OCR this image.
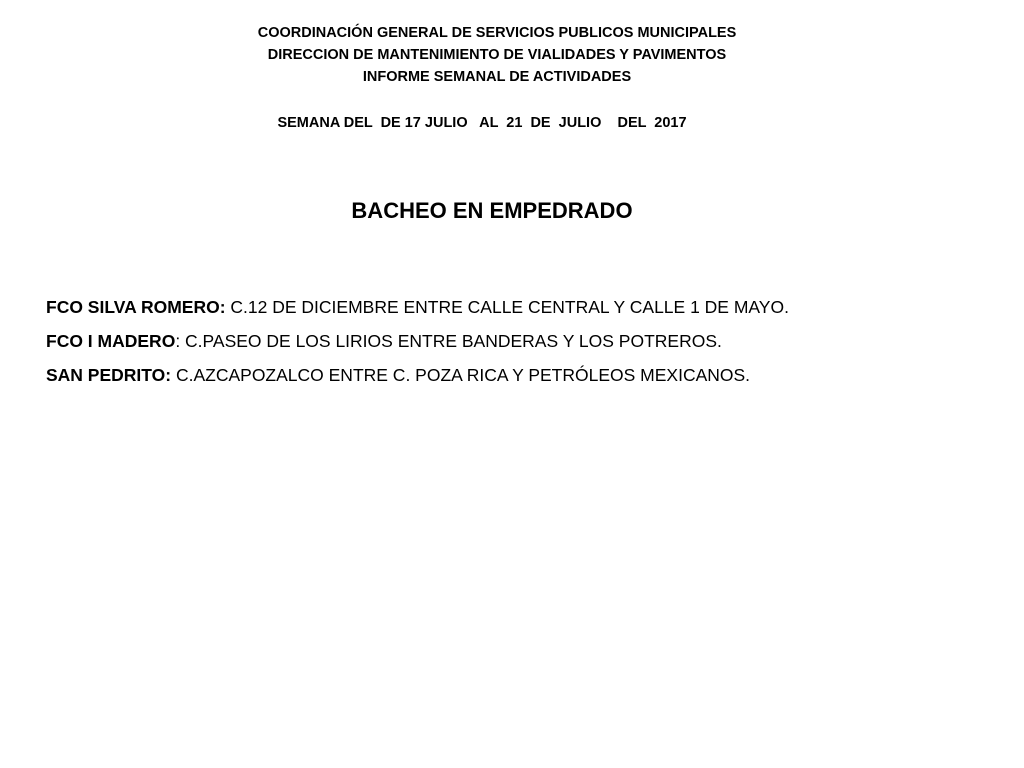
COORDINACIÓN GENERAL DE SERVICIOS PUBLICOS MUNICIPALES
DIRECCION DE MANTENIMIENTO DE VIALIDADES Y PAVIMENTOS
INFORME SEMANAL DE ACTIVIDADES
SEMANA DEL  DE 17 JULIO   AL  21  DE  JULIO    DEL  2017
BACHEO EN EMPEDRADO
FCO SILVA ROMERO: C.12 DE DICIEMBRE ENTRE CALLE CENTRAL Y CALLE 1 DE MAYO.
FCO I MADERO: C.PASEO DE LOS LIRIOS ENTRE BANDERAS Y LOS POTREROS.
SAN PEDRITO: C.AZCAPOZALCO ENTRE C. POZA RICA Y PETRÓLEOS MEXICANOS.
